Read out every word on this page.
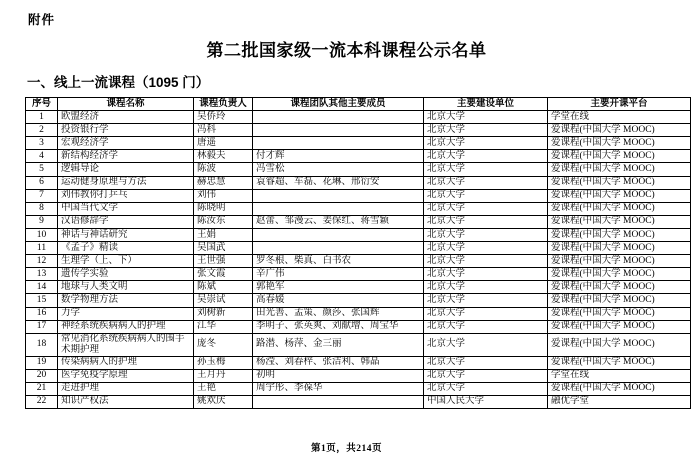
附件
第二批国家级一流本科课程公示名单
一、线上一流课程（1095 门）
序号	课程名称	课程负责人	课程团队其他主要成员	主要建设单位	主要开课平台
1	欧盟经济	吴侨玲		北京大学	学堂在线
2	投资银行学	冯科		北京大学	爱课程(中国大学 MOOC)
3	宏观经济学	唐遥		北京大学	爱课程(中国大学 MOOC)
4	新结构经济学	林毅夫	付才辉	北京大学	爱课程(中国大学 MOOC)
5	逻辑导论	陈波	冯雪松	北京大学	爱课程(中国大学 MOOC)
6	运动健身原理与方法	赫忠慧	袁睿超、车磊、花琳、邢衍安	北京大学	爱课程(中国大学 MOOC)
7	刘伟教你打乒乓	刘伟		北京大学	爱课程(中国大学 MOOC)
8	中国当代文学	陈晓明		北京大学	爱课程(中国大学 MOOC)
9	汉语修辞学	陈汝东	赵蕾、邹漫云、姜保红、蒋雪颖	北京大学	爱课程(中国大学 MOOC)
10	神话与神话研究	王娟		北京大学	爱课程(中国大学 MOOC)
11	《孟子》精读	吴国武		北京大学	爱课程(中国大学 MOOC)
12	生理学（上、下）	王世强	罗冬根、柴真、白书农	北京大学	爱课程(中国大学 MOOC)
13	遗传学实验	张文霞	辛广伟	北京大学	爱课程(中国大学 MOOC)
14	地球与人类文明	陈斌	郭艳军	北京大学	爱课程(中国大学 MOOC)
15	数学物理方法	吴崇试	高春媛	北京大学	爱课程(中国大学 MOOC)
16	力学	刘树新	田光善、孟策、颜莎、张国辉	北京大学	爱课程(中国大学 MOOC)
17	神经系统疾病病人的护理	江华	李明子、张英爽、刘献增、周宝华	北京大学	爱课程(中国大学 MOOC)
18	常见消化系统疾病病人的围手术期护理	庞冬	路潜、杨萍、金三丽	北京大学	爱课程(中国大学 MOOC)
19	传染病病人的护理	孙玉梅	杨滢、刘春梓、张洁利、韩晶	北京大学	爱课程(中国大学 MOOC)
20	医学免疫学原理	王月丹	初明	北京大学	学堂在线
21	走进护理	王艳	周宇彤、李葆华	北京大学	爱课程(中国大学 MOOC)
22	知识产权法	姚欢庆		中国人民大学	融优学堂
第1页，共214页
